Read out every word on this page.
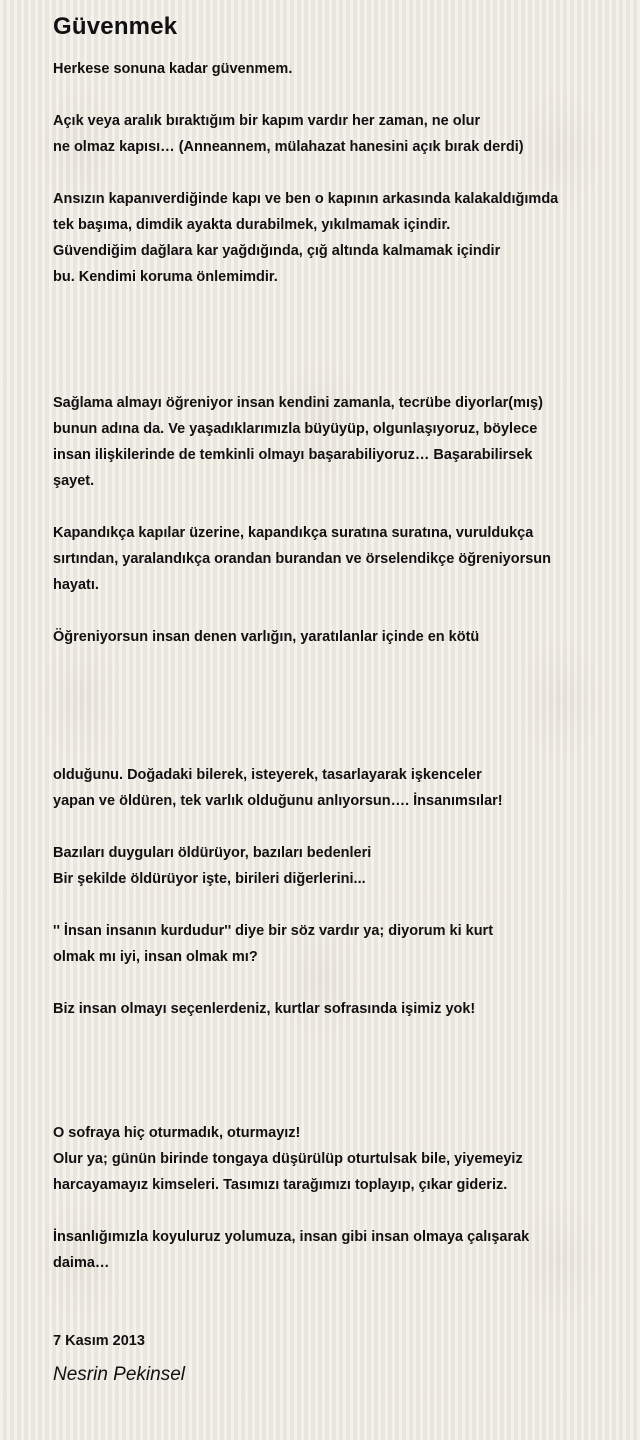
Güvenmek

Herkese sonuna kadar güvenmem.

Açık veya aralık bıraktığım bir kapım vardır her zaman, ne olur
ne olmaz kapısı… (Anneannem, mülahazat hanesini açık bırak derdi)

Ansızın kapanıverdiğinde kapı ve ben o kapının arkasında kalakaldığımda
tek başıma, dimdik ayakta durabilmek, yıkılmamak içindir.
Güvendiğim dağlara kar yağdığında, çığ altında kalmamak içindir
bu. Kendimi koruma önlemimdir.

Sağlama almayı öğreniyor insan kendini zamanla, tecrübe diyorlar(mış)
bunun adına da. Ve yaşadıklarımızla büyüyüp, olgunlaşıyoruz, böylece
insan ilişkilerinde de temkinli olmayı başarabiliyoruz… Başarabilirsek
şayet.

Kapandıkça kapılar üzerine, kapandıkça suratına suratına, vuruldukça
sırtından, yaralandıkça orandan burandan ve örselendikçe öğreniyorsun
hayatı.

Öğreniyorsun insan denen varlığın, yaratılanlar içinde en kötü

olduğunu. Doğadaki bilerek, isteyerek, tasarlayarak işkenceler
yapan ve öldüren, tek varlık olduğunu anlıyorsun…. İnsanımsılar!

Bazıları duyguları öldürüyor, bazıları bedenleri
Bir şekilde öldürüyor işte, birileri diğerlerini...

'' İnsan insanın kurdudur'' diye bir söz vardır ya; diyorum ki kurt
olmak mı iyi, insan olmak mı?

Biz insan olmayı seçenlerdeniz, kurtlar sofrasında işimiz yok!

O sofraya hiç oturmadık, oturmayız!
Olur ya; günün birinde tongaya düşürülüp oturtulsak bile, yiyemeyiz
harcayamayız kimseleri. Tasımızı tarağımızı toplayıp, çıkar gideriz.

İnsanlığımızla koyuluruz yolumuza, insan gibi insan olmaya çalışarak
daima…

7 Kasım 2013

Nesrin Pekinsel
